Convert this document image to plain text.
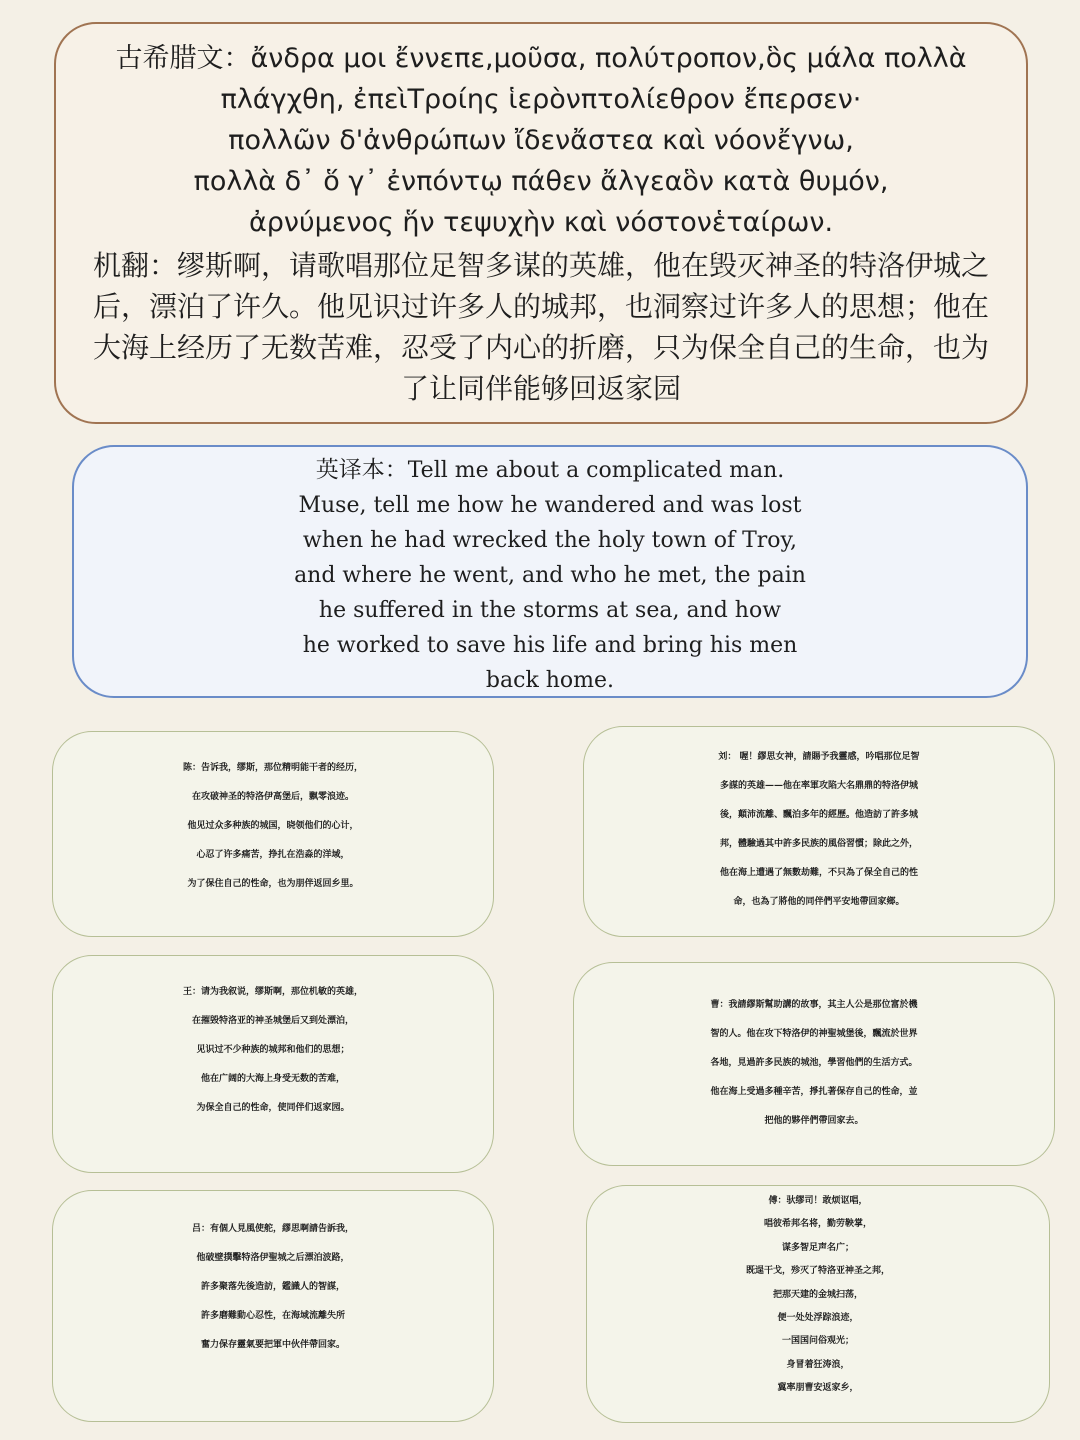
古希腊文：ἄνδρα μοι ἔννεπε,μοῦσα, πολύτροπον,ὃς μάλα πολλὰ
πλάγχθη, ἐπεὶΤροίης ἱερὸνπτολίεθρον ἔπερσεν·
πολλῶν δ'ἀνθρώπων ἴδενἄστεα καὶ νόονἔγνω,
πολλὰ δ᾽ ὅ γ᾽ ἐνπόντῳ πάθεν ἄλγεαὃν κατὰ θυμόν,
ἀρνύμενος ἥν τεψυχὴν καὶ νόστονἑταίρων.
机翻：缪斯啊，请歌唱那位足智多谋的英雄，他在毁灭神圣的特洛伊城之
后，漂泊了许久。他见识过许多人的城邦，也洞察过许多人的思想；他在
大海上经历了无数苦难，忍受了内心的折磨，只为保全自己的生命，也为
了让同伴能够回返家园
英译本：Tell me about a complicated man.
Muse, tell me how he wandered and was lost
when he had wrecked the holy town of Troy,
and where he went, and who he met, the pain
he suffered in the storms at sea, and how
he worked to save his life and bring his men
back home.
陈：告诉我，缪斯，那位精明能干者的经历，
在攻破神圣的特洛伊高堡后，飘零浪迹。
他见过众多种族的城国，晓领他们的心计，
心忍了许多痛苦，挣扎在浩淼的洋域，
为了保住自己的性命，也为朋伴返回乡里。
刘： 喔！繆思女神，請賜予我靈感，吟唱那位足智
多謀的英雄——他在率軍攻陷大名鼎鼎的特洛伊城
後，顛沛流離、飄泊多年的經歷。他造訪了許多城
邦，體驗過其中許多民族的風俗習慣；除此之外，
他在海上遭遇了無數劫難，不只為了保全自己的性
命，也為了將他的同伴們平安地帶回家鄉。
王：请为我叙说，缪斯啊，那位机敏的英雄，
在摧毁特洛亚的神圣城堡后又到处漂泊，
见识过不少种族的城邦和他们的思想；
他在广阔的大海上身受无数的苦难，
为保全自己的性命，使同伴们返家园。
曹：我請繆斯幫助講的故事，其主人公是那位富於機
智的人。他在攻下特洛伊的神聖城堡後，飄流於世界
各地，見過許多民族的城池，學習他們的生活方式。
他在海上受過多種辛苦，掙扎著保存自己的性命，並
把他的夥伴們帶回家去。
吕：有個人見風使舵，繆思啊請告訴我，
他破壁撲擊特洛伊聖城之后漂泊波路，
許多聚落先後造訪，鑑識人的智謀，
許多磨難動心忍性，在海域流離失所
奮力保存靈氣要把軍中伙伴帶回家。
傅：驮缪司！敢烦讴唱，
唱彼希邦名将，勤劳鞅掌，
谋多智足声名广；
既逞干戈，殄灭了特洛亚神圣之邦，
把那天建的金城扫荡，
便一处处浮踪浪迹，
一国国问俗观光；
身冒着狂涛浪，
冀率朋曹安返家乡，
